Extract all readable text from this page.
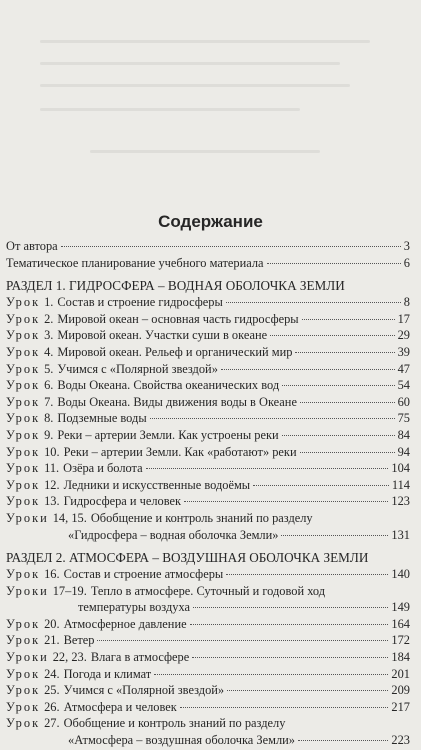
Содержание
От автора	3
Тематическое планирование учебного материала	6
РАЗДЕЛ 1. ГИДРОСФЕРА – ВОДНАЯ ОБОЛОЧКА ЗЕМЛИ
Урок 1. Состав и строение гидросферы	8
Урок 2. Мировой океан – основная часть гидросферы	17
Урок 3. Мировой океан. Участки суши в океане	29
Урок 4. Мировой океан. Рельеф и органический мир	39
Урок 5. Учимся с «Полярной звездой»	47
Урок 6. Воды Океана. Свойства океанических вод	54
Урок 7. Воды Океана. Виды движения воды в Океане	60
Урок 8. Подземные воды	75
Урок 9. Реки – артерии Земли. Как устроены реки	84
Урок 10. Реки – артерии Земли. Как «работают» реки	94
Урок 11. Озёра и болота	104
Урок 12. Ледники и искусственные водоёмы	114
Урок 13. Гидросфера и человек	123
Уроки 14, 15. Обобщение и контроль знаний по разделу
«Гидросфера – водная оболочка Земли»	131
РАЗДЕЛ 2. АТМОСФЕРА – ВОЗДУШНАЯ ОБОЛОЧКА ЗЕМЛИ
Урок 16. Состав и строение атмосферы	140
Уроки 17–19. Тепло в атмосфере. Суточный и годовой ход
температуры воздуха	149
Урок 20. Атмосферное давление	164
Урок 21. Ветер	172
Уроки 22, 23. Влага в атмосфере	184
Урок 24. Погода и климат	201
Урок 25. Учимся с «Полярной звездой»	209
Урок 26. Атмосфера и человек	217
Урок 27. Обобщение и контроль знаний по разделу
«Атмосфера – воздушная оболочка Земли»	223
